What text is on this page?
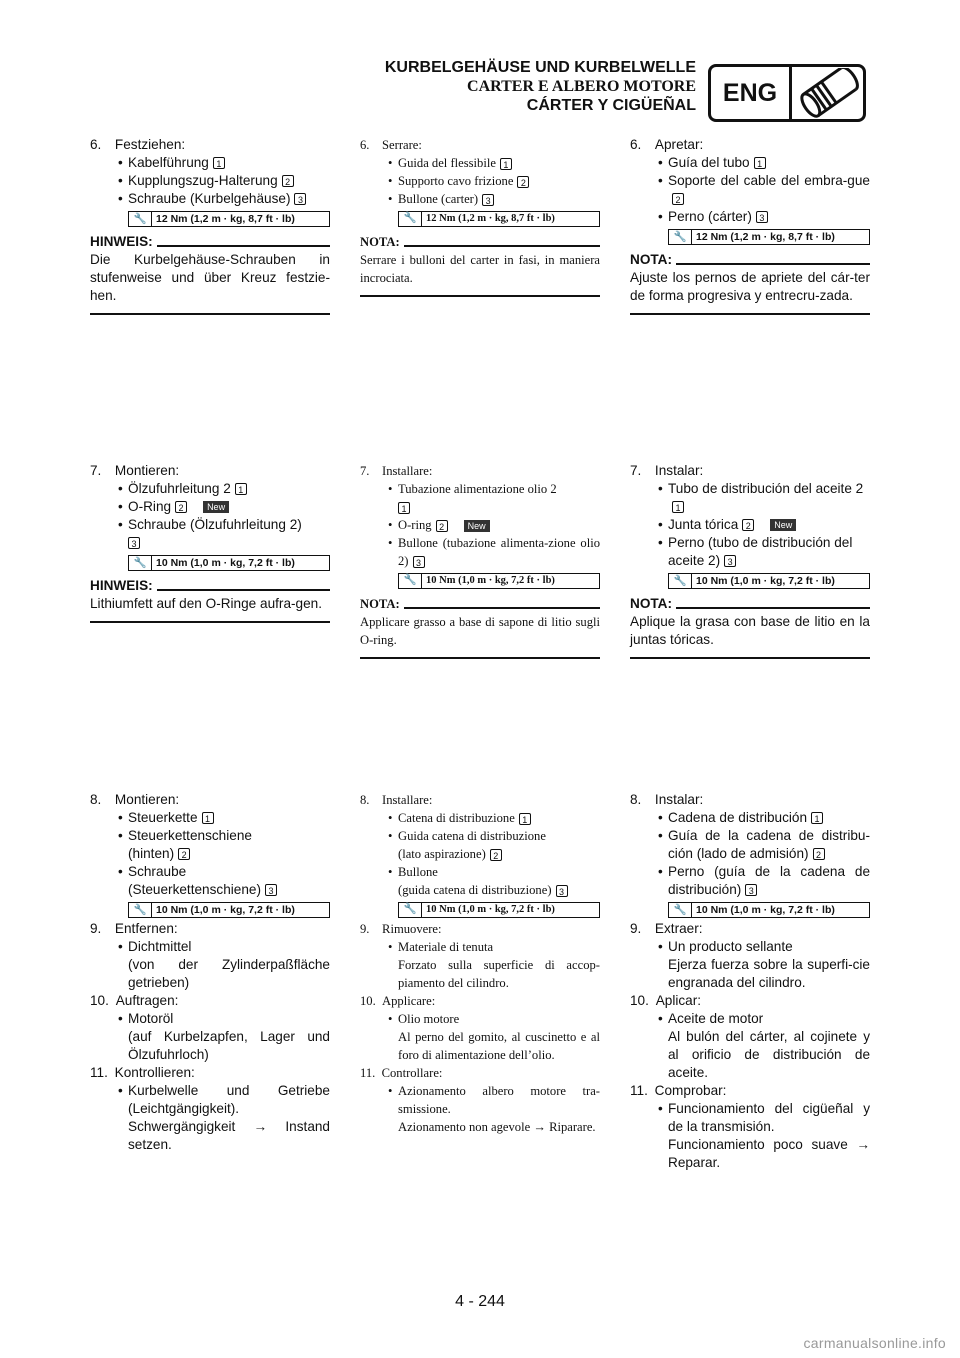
KURBELGEHÄUSE UND KURBELWELLE
CARTER E ALBERO MOTORE
CÁRTER Y CIGÜEÑAL	ENG
6. Festziehen:
• Kabelführung 1
• Kupplungszug-Halterung 2
• Schraube (Kurbelgehäuse) 3
🔧 12 Nm (1,2 m · kg, 8,7 ft · lb)
HINWEIS:
Die Kurbelgehäuse-Schrauben in stufenweise und über Kreuz festzie-hen.
7. Montieren:
• Ölzufuhrleitung 2 1
• O-Ring 2	New
• Schraube (Ölzufuhrleitung 2)
3
🔧 10 Nm (1,0 m · kg, 7,2 ft · lb)
HINWEIS:
Lithiumfett auf den O-Ringe aufra-gen.
8. Montieren:
• Steuerkette 1
• Steuerkettenschiene
(hinten) 2
• Schraube
(Steuerkettenschiene) 3
🔧 10 Nm (1,0 m · kg, 7,2 ft · lb)
9. Entfernen:
• Dichtmittel
(von der Zylinderpaßfläche getrieben)
10. Auftragen:
• Motoröl
(auf Kurbelzapfen, Lager und Ölzufuhrloch)
11. Kontrollieren:
• Kurbelwelle und Getriebe (Leichtgängigkeit).
Schwergängigkeit → Instand setzen.
6. Serrare:
• Guida del flessibile 1
• Supporto cavo frizione 2
• Bullone (carter) 3
🔧 12 Nm (1,2 m · kg, 8,7 ft · lb)
NOTA:
Serrare i bulloni del carter in fasi, in maniera incrociata.
7. Installare:
• Tubazione alimentazione olio 2
1
• O-ring 2	New
• Bullone (tubazione alimenta-zione olio 2) 3
🔧 10 Nm (1,0 m · kg, 7,2 ft · lb)
NOTA:
Applicare grasso a base di sapone di litio sugli O-ring.
8. Installare:
• Catena di distribuzione 1
• Guida catena di distribuzione
(lato aspirazione) 2
• Bullone
(guida catena di distribuzione) 3
🔧 10 Nm (1,0 m · kg, 7,2 ft · lb)
9. Rimuovere:
• Materiale di tenuta
Forzato sulla superficie di accop-piamento del cilindro.
10. Applicare:
• Olio motore
Al perno del gomito, al cuscinetto e al foro di alimentazione dell’olio.
11. Controllare:
• Azionamento albero motore tra-smissione.
Azionamento non agevole → Riparare.
6. Apretar:
• Guía del tubo 1
• Soporte del cable del embra-gue2
• Perno (cárter) 3
🔧 12 Nm (1,2 m · kg, 8,7 ft · lb)
NOTA:
Ajuste los pernos de apriete del cár-ter de forma progresiva y entrecru-zada.
7. Instalar:
• Tubo de distribución del aceite 21
• Junta tórica 2	New
• Perno (tubo de distribución del aceite 2) 3
🔧 10 Nm (1,0 m · kg, 7,2 ft · lb)
NOTA:
Aplique la grasa con base de litio en la juntas tóricas.
8. Instalar:
• Cadena de distribución 1
• Guía de la cadena de distribu-ción (lado de admisión) 2
• Perno (guía de la cadena de distribución) 3
🔧 10 Nm (1,0 m · kg, 7,2 ft · lb)
9. Extraer:
• Un producto sellante
Ejerza fuerza sobre la superfi-cie engranada del cilindro.
10. Aplicar:
• Aceite de motor
Al bulón del cárter, al cojinete y al orificio de distribución de aceite.
11. Comprobar:
• Funcionamiento del cigüeñal y de la transmisión.
Funcionamiento poco suave → Reparar.
4 - 244
carmanualsonline.info
